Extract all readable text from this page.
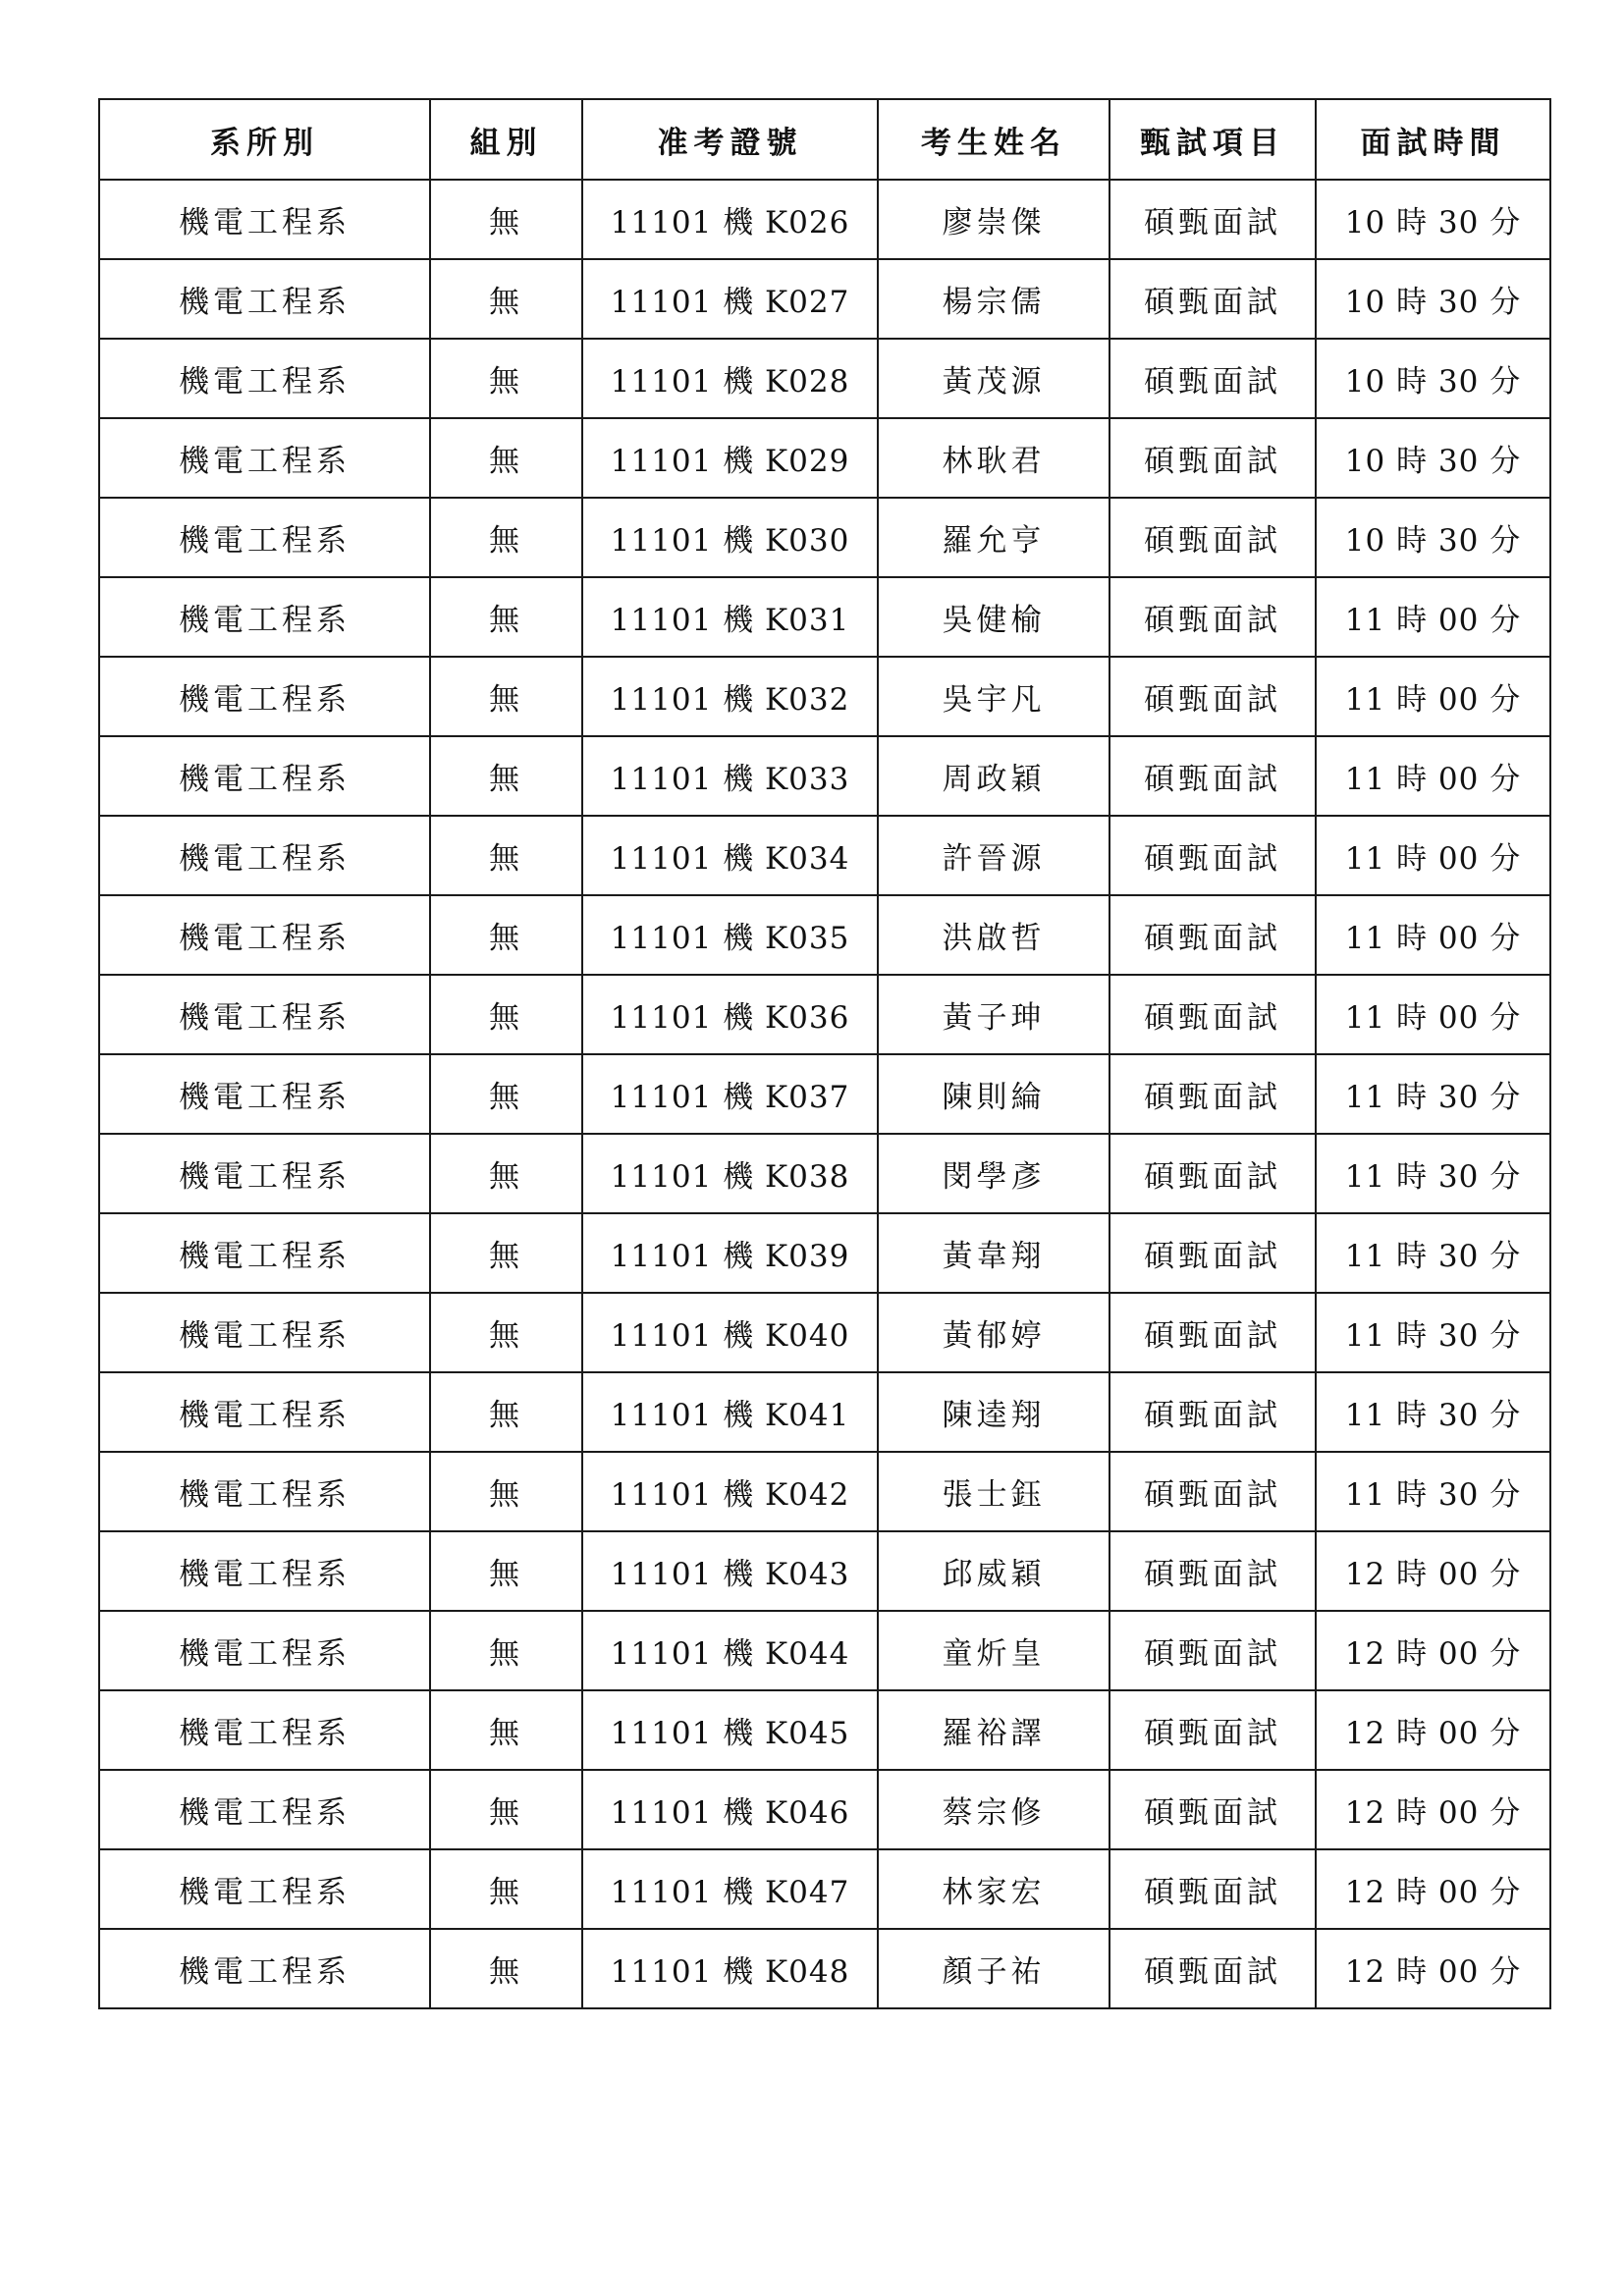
系所別	組別	准考證號	考生姓名	甄試項目	面試時間
機電工程系	無	11101 機 K026	廖崇傑	碩甄面試	10 時 30 分
機電工程系	無	11101 機 K027	楊宗儒	碩甄面試	10 時 30 分
機電工程系	無	11101 機 K028	黃茂源	碩甄面試	10 時 30 分
機電工程系	無	11101 機 K029	林耿君	碩甄面試	10 時 30 分
機電工程系	無	11101 機 K030	羅允亨	碩甄面試	10 時 30 分
機電工程系	無	11101 機 K031	吳健榆	碩甄面試	11 時 00 分
機電工程系	無	11101 機 K032	吳宇凡	碩甄面試	11 時 00 分
機電工程系	無	11101 機 K033	周政穎	碩甄面試	11 時 00 分
機電工程系	無	11101 機 K034	許晉源	碩甄面試	11 時 00 分
機電工程系	無	11101 機 K035	洪啟哲	碩甄面試	11 時 00 分
機電工程系	無	11101 機 K036	黃子珅	碩甄面試	11 時 00 分
機電工程系	無	11101 機 K037	陳則綸	碩甄面試	11 時 30 分
機電工程系	無	11101 機 K038	閔學彥	碩甄面試	11 時 30 分
機電工程系	無	11101 機 K039	黃韋翔	碩甄面試	11 時 30 分
機電工程系	無	11101 機 K040	黃郁婷	碩甄面試	11 時 30 分
機電工程系	無	11101 機 K041	陳逵翔	碩甄面試	11 時 30 分
機電工程系	無	11101 機 K042	張士鈺	碩甄面試	11 時 30 分
機電工程系	無	11101 機 K043	邱威穎	碩甄面試	12 時 00 分
機電工程系	無	11101 機 K044	童炘皇	碩甄面試	12 時 00 分
機電工程系	無	11101 機 K045	羅裕譯	碩甄面試	12 時 00 分
機電工程系	無	11101 機 K046	蔡宗修	碩甄面試	12 時 00 分
機電工程系	無	11101 機 K047	林家宏	碩甄面試	12 時 00 分
機電工程系	無	11101 機 K048	顏子祐	碩甄面試	12 時 00 分
